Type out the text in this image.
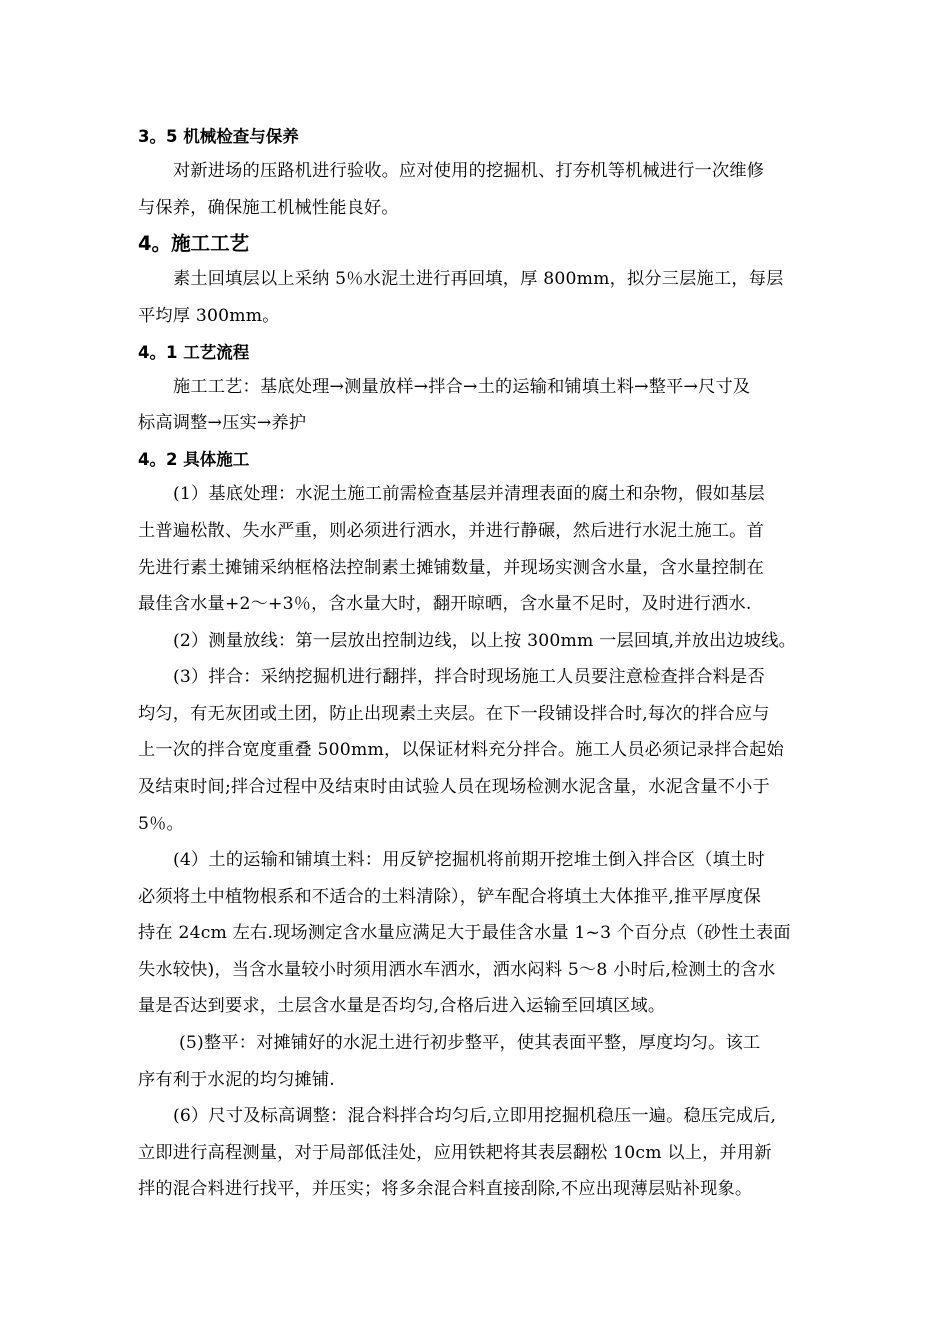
3。5 机械检查与保养
对新进场的压路机进行验收。应对使用的挖掘机、打夯机等机械进行一次维修
与保养，确保施工机械性能良好。
4。施工工艺
素土回填层以上采纳 5％水泥土进行再回填，厚 800mm，拟分三层施工，每层
平均厚 300mm。
4。1 工艺流程
施工工艺：基底处理→测量放样→拌合→土的运输和铺填土料→整平→尺寸及
标高调整→压实→养护
4。2 具体施工
(1）基底处理：水泥土施工前需检查基层并清理表面的腐土和杂物，假如基层
土普遍松散、失水严重，则必须进行洒水，并进行静碾，然后进行水泥土施工。首
先进行素土摊铺采纳框格法控制素土摊铺数量，并现场实测含水量，含水量控制在
最佳含水量+2～+3％，含水量大时，翻开晾晒，含水量不足时，及时进行洒水.
(2）测量放线：第一层放出控制边线，以上按 300mm 一层回填,并放出边坡线。
(3）拌合：采纳挖掘机进行翻拌，拌合时现场施工人员要注意检查拌合料是否
均匀，有无灰团或土团，防止出现素土夹层。在下一段铺设拌合时,每次的拌合应与
上一次的拌合宽度重叠 500mm，以保证材料充分拌合。施工人员必须记录拌合起始
及结束时间;拌合过程中及结束时由试验人员在现场检测水泥含量，水泥含量不小于
5％。
(4）土的运输和铺填土料：用反铲挖掘机将前期开挖堆土倒入拌合区（填土时
必须将土中植物根系和不适合的土料清除），铲车配合将填土大体推平,推平厚度保
持在 24cm 左右.现场测定含水量应满足大于最佳含水量 1~3 个百分点（砂性土表面
失水较快)，当含水量较小时须用洒水车洒水，洒水闷料 5～8 小时后,检测土的含水
量是否达到要求，土层含水量是否均匀,合格后进入运输至回填区域。
(5)整平：对摊铺好的水泥土进行初步整平，使其表面平整，厚度均匀。该工
序有利于水泥的均匀摊铺.
(6）尺寸及标高调整：混合料拌合均匀后,立即用挖掘机稳压一遍。稳压完成后,
立即进行高程测量，对于局部低洼处，应用铁耙将其表层翻松 10cm 以上，并用新
拌的混合料进行找平，并压实；将多余混合料直接刮除,不应出现薄层贴补现象。
